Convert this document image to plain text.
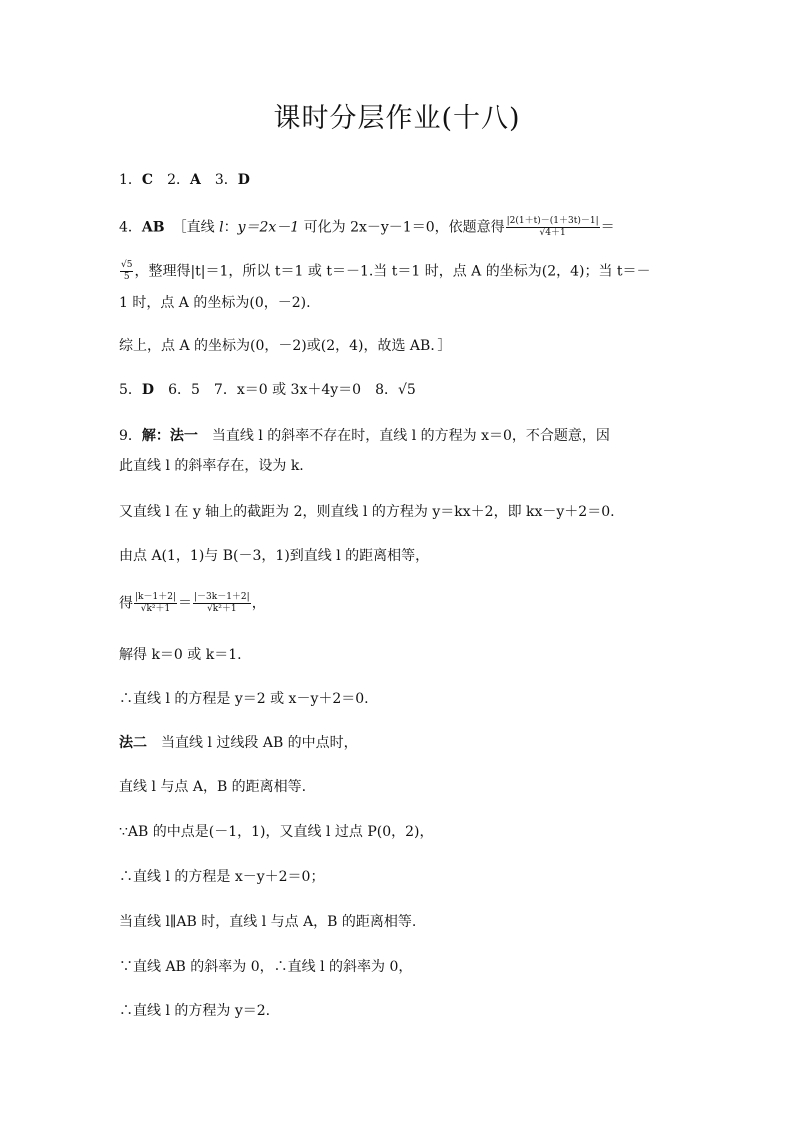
课时分层作业(十八)
1．C 2．A 3．D
4．AB ［直线 l：y＝2x－1 可化为 2x－y－1＝0，依题意得 $\frac{|2(1+t)-(1+3t)-1|}{√4+1}$ ＝
$\frac{√5}{5}$ ，整理得|t|＝1，所以 t＝1 或 t＝－1.当 t＝1 时，点 A 的坐标为(2，4)；当 t＝－
1 时，点 A 的坐标为(0，－2).
综上，点 A 的坐标为(0，－2)或(2，4)，故选 AB．］
5．D 6．5 7．x＝0 或 3x＋4y＝0 8．√5
9．解：法一　当直线 l 的斜率不存在时，直线 l 的方程为 x＝0，不合题意，因
此直线 l 的斜率存在，设为 k.
又直线 l 在 y 轴上的截距为 2，则直线 l 的方程为 y＝kx＋2，即 kx－y＋2＝0.
由点 A(1，1)与 B(－3，1)到直线 l 的距离相等，
得 $\frac{|k-1+2|}{\text{√k²＋1}} = \frac{|-3k-1+2|}{\text{√k²＋1}}$ ，
解得 k＝0 或 k＝1.
∴直线 l 的方程是 y＝2 或 x－y＋2＝0.
法二　当直线 l 过线段 AB 的中点时，
直线 l 与点 A，B 的距离相等.
∵AB 的中点是(－1，1)，又直线 l 过点 P(0，2)，
∴直线 l 的方程是 x－y＋2＝0；
当直线 l∥AB 时，直线 l 与点 A，B 的距离相等.
∵直线 AB 的斜率为 0，∴直线 l 的斜率为 0，
∴直线 l 的方程为 y＝2.
